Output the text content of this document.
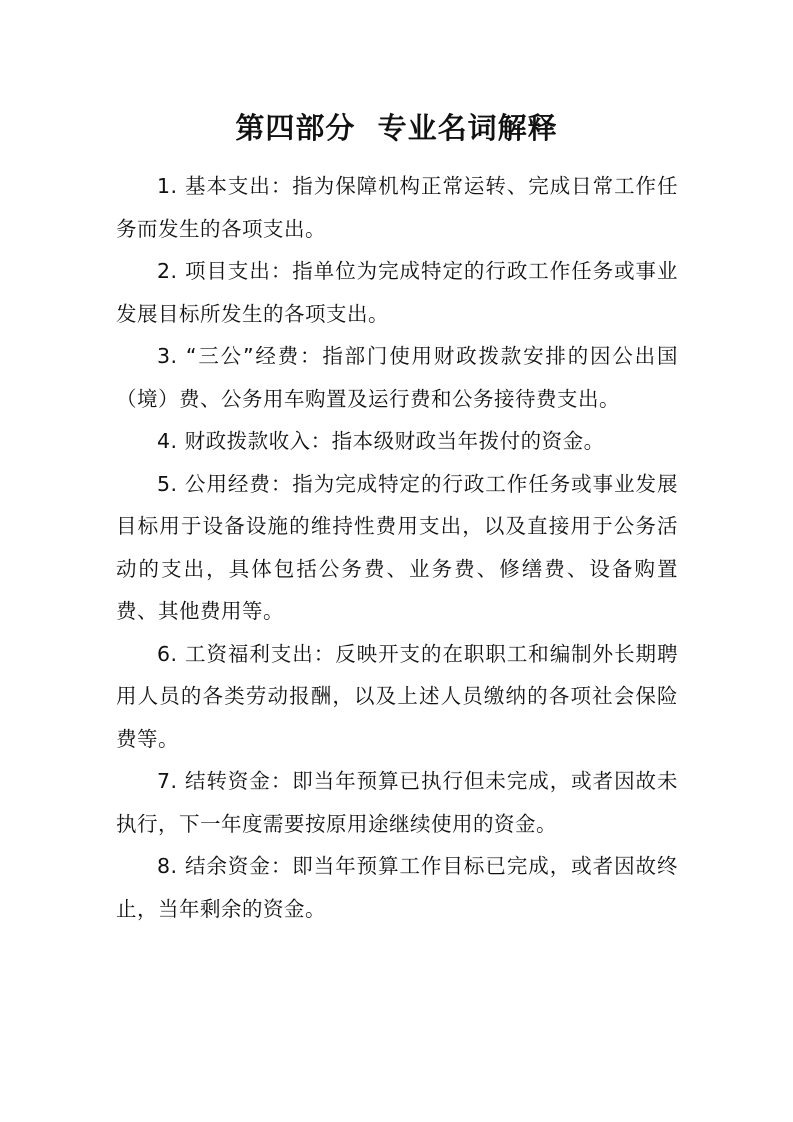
第四部分  专业名词解释

1. 基本支出：指为保障机构正常运转、完成日常工作任务而发生的各项支出。

2. 项目支出：指单位为完成特定的行政工作任务或事业发展目标所发生的各项支出。

3. “三公”经费：指部门使用财政拨款安排的因公出国（境）费、公务用车购置及运行费和公务接待费支出。

4. 财政拨款收入：指本级财政当年拨付的资金。

5. 公用经费：指为完成特定的行政工作任务或事业发展目标用于设备设施的维持性费用支出，以及直接用于公务活动的支出，具体包括公务费、业务费、修缮费、设备购置费、其他费用等。

6. 工资福利支出：反映开支的在职职工和编制外长期聘用人员的各类劳动报酬，以及上述人员缴纳的各项社会保险费等。

7. 结转资金：即当年预算已执行但未完成，或者因故未执行，下一年度需要按原用途继续使用的资金。

8. 结余资金：即当年预算工作目标已完成，或者因故终止，当年剩余的资金。
